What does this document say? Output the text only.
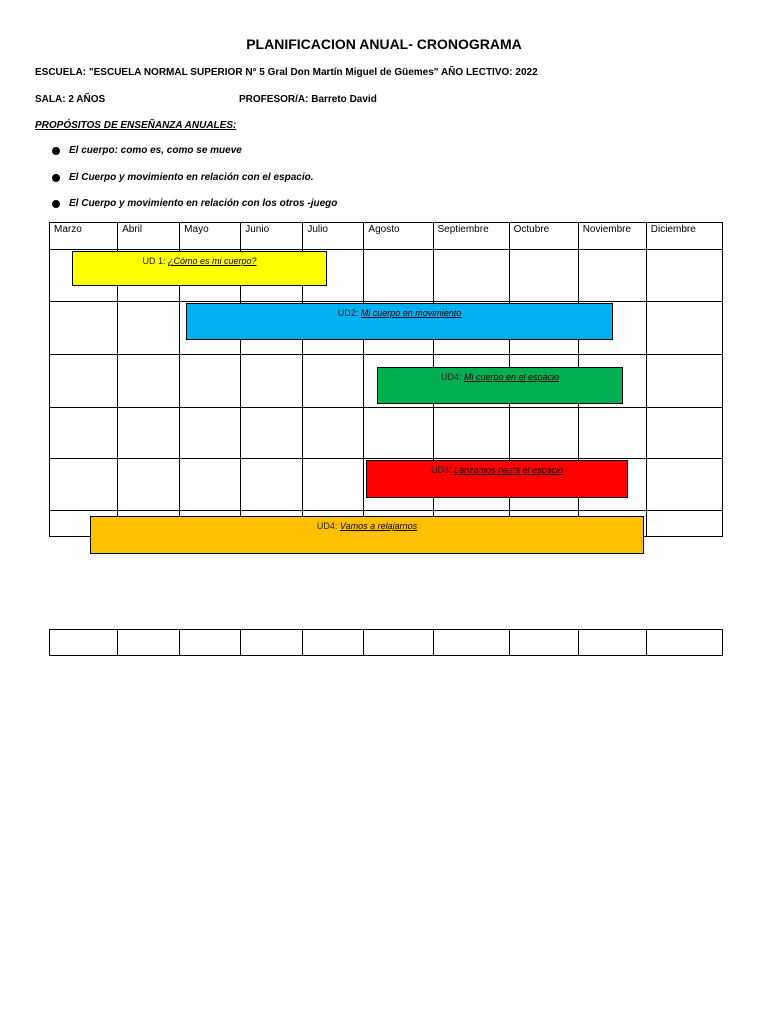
PLANIFICACION ANUAL- CRONOGRAMA
ESCUELA: "ESCUELA NORMAL SUPERIOR N° 5 Gral Don Martín Miguel de Güemes" AÑO LECTIVO: 2022
SALA: 2 AÑOS	PROFESOR/A: Barreto David
PROPÓSITOS DE ENSEÑANZA ANUALES:
El cuerpo: como es, como se mueve
El Cuerpo y movimiento en relación con el espacio.
El Cuerpo y movimiento en relación con los otros -juego
Marzo	Abril	Mayo	Junio	Julio	Agosto	Septiembre	Octubre	Noviembre	Diciembre

UD 1: ¿Cómo es mi cuerpo?
UD2: Mi cuerpo en movimiento
UD4: Mi cuerpo en el espacio
UD3: Lanzamos hasta el espacio
UD4: Vamos a relajarnos
